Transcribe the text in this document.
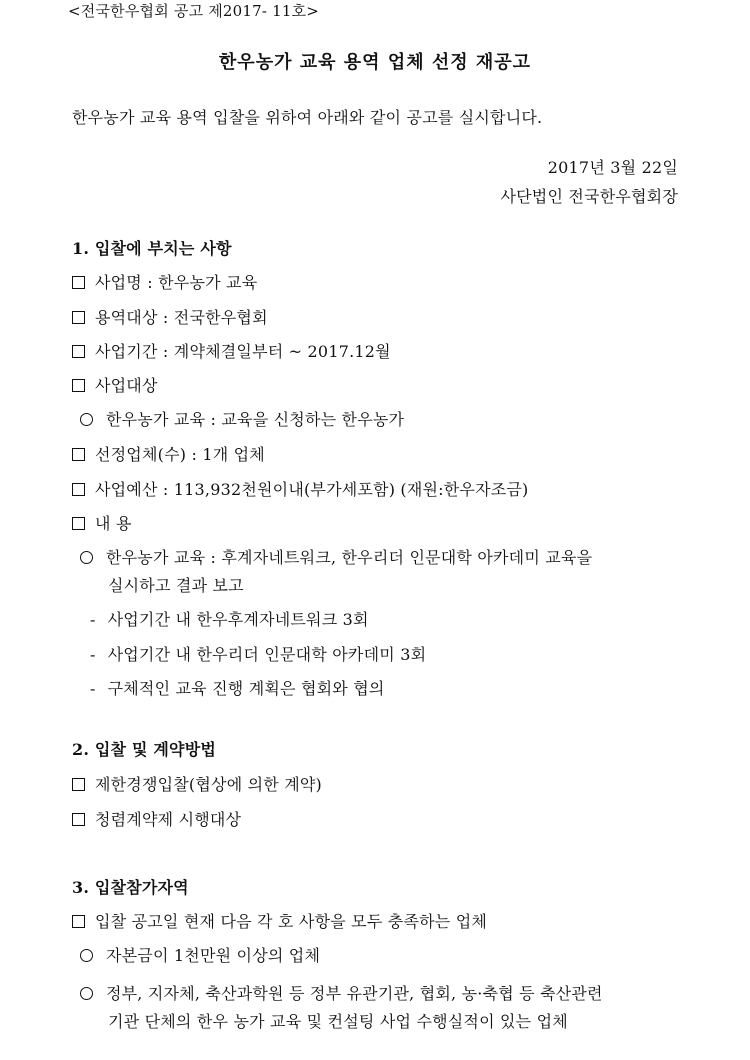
<전국한우협회 공고 제2017- 11호>
한우농가 교육 용역 업체 선정 재공고
한우농가 교육 용역 입찰을 위하여 아래와 같이 공고를 실시합니다.
2017년 3월 22일
사단법인 전국한우협회장
1. 입찰에 부치는 사항
사업명 : 한우농가 교육
용역대상 : 전국한우협회
사업기간 : 계약체결일부터 ~ 2017.12월
사업대상
한우농가 교육 : 교육을 신청하는 한우농가
선정업체(수) : 1개 업체
사업예산 : 113,932천원이내(부가세포함) (재원:한우자조금)
내 용
한우농가 교육 : 후계자네트워크, 한우리더 인문대학 아카데미 교육을
실시하고 결과 보고
- 사업기간 내 한우후계자네트워크 3회
- 사업기간 내 한우리더 인문대학 아카데미 3회
- 구체적인 교육 진행 계획은 협회와 협의
2. 입찰 및 계약방법
제한경쟁입찰(협상에 의한 계약)
청렴계약제 시행대상
3. 입찰참가자역
입찰 공고일 현재 다음 각 호 사항을 모두 충족하는 업체
자본금이 1천만원 이상의 업체
정부, 지자체, 축산과학원 등 정부 유관기관, 협회, 농·축협 등 축산관련
기관 단체의 한우 농가 교육 및 컨설팅 사업 수행실적이 있는 업체
